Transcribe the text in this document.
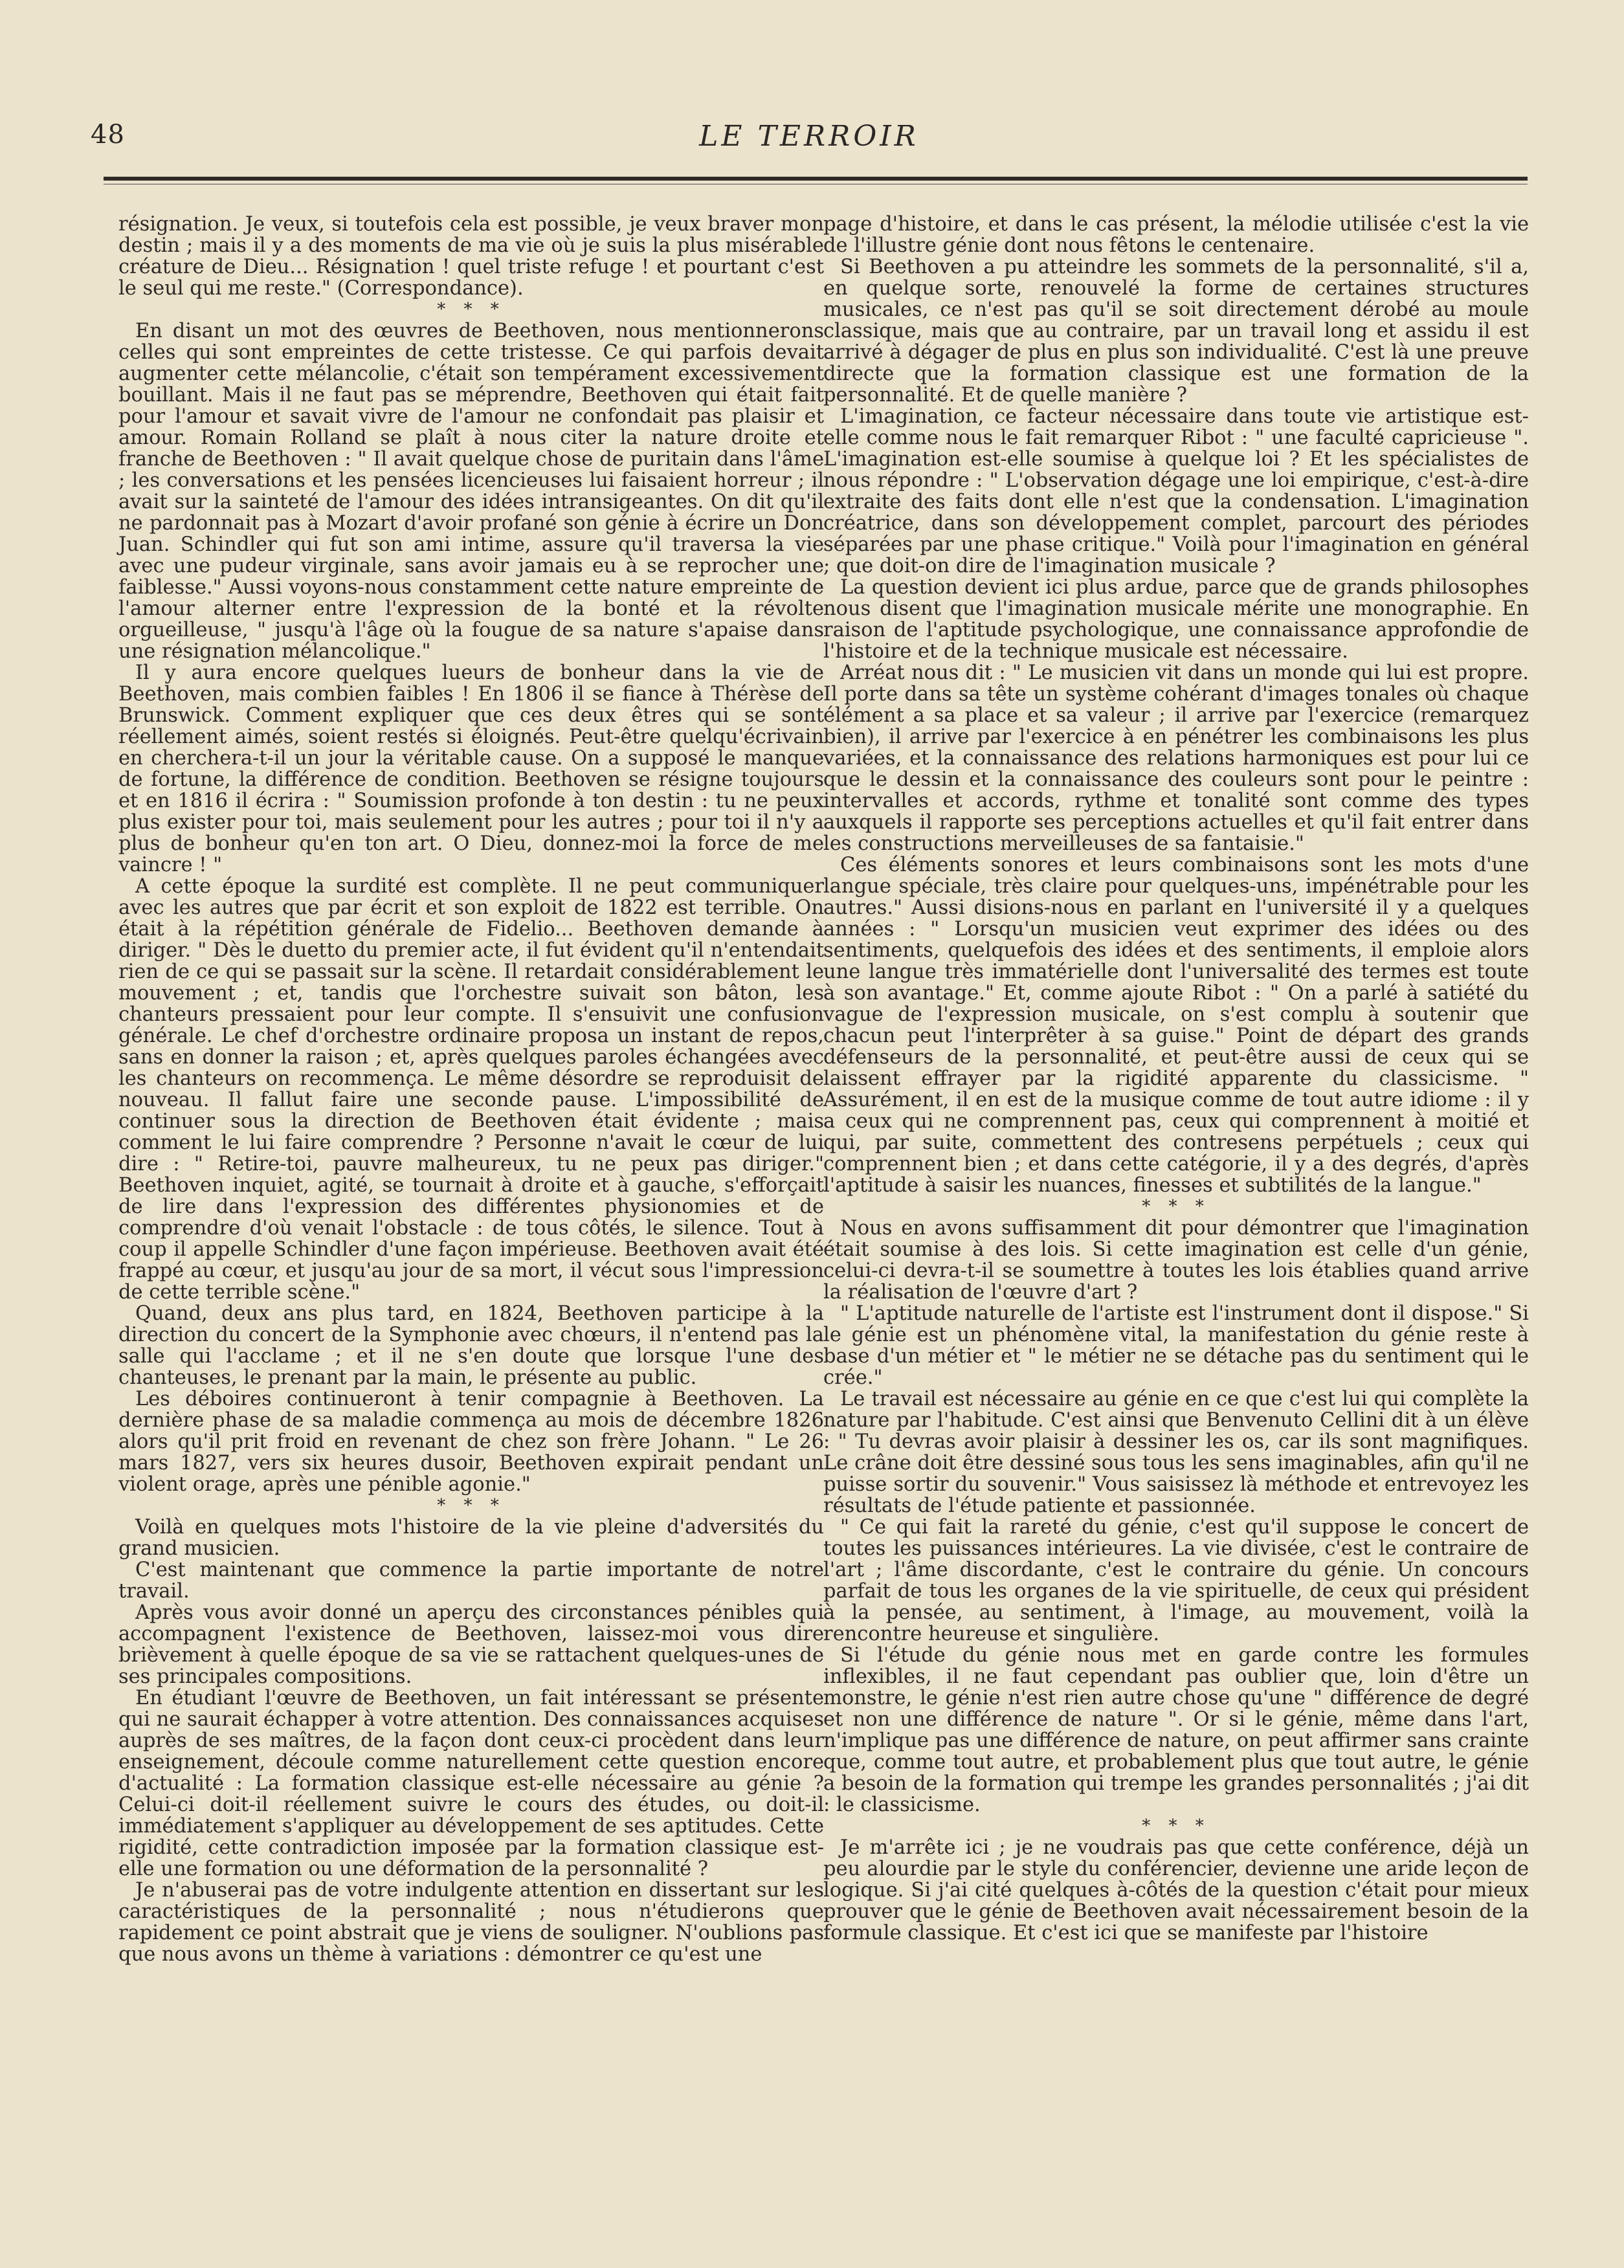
48	LE TERROIR

résignation. Je veux, si toutefois cela est possible, je veux braver mon destin ; mais il y a des moments de ma vie où je suis la plus misérable créature de Dieu... Résignation ! quel triste refuge ! et pourtant c'est le seul qui me reste." (Correspondance).

* * *

En disant un mot des œuvres de Beethoven, nous mentionnerons celles qui sont empreintes de cette tristesse. Ce qui parfois devait augmenter cette mélancolie, c'était son tempérament excessivement bouillant. Mais il ne faut pas se méprendre, Beethoven qui était fait pour l'amour et savait vivre de l'amour ne confondait pas plaisir et amour. Romain Rolland se plaît à nous citer la nature droite et franche de Beethoven : " Il avait quelque chose de puritain dans l'âme ; les conversations et les pensées licencieuses lui faisaient horreur ; il avait sur la sainteté de l'amour des idées intransigeantes. On dit qu'il ne pardonnait pas à Mozart d'avoir profané son génie à écrire un Don Juan. Schindler qui fut son ami intime, assure qu'il traversa la vie avec une pudeur virginale, sans avoir jamais eu à se reprocher une faiblesse." Aussi voyons-nous constamment cette nature empreinte de l'amour alterner entre l'expression de la bonté et la révolte orgueilleuse, " jusqu'à l'âge où la fougue de sa nature s'apaise dans une résignation mélancolique."

Il y aura encore quelques lueurs de bonheur dans la vie de Beethoven, mais combien faibles ! En 1806 il se fiance à Thérèse de Brunswick. Comment expliquer que ces deux êtres qui se sont réellement aimés, soient restés si éloignés. Peut-être quelqu'écrivain en cherchera-t-il un jour la véritable cause. On a supposé le manque de fortune, la différence de condition. Beethoven se résigne toujours et en 1816 il écrira : " Soumission profonde à ton destin : tu ne peux plus exister pour toi, mais seulement pour les autres ; pour toi il n'y a plus de bonheur qu'en ton art. O Dieu, donnez-moi la force de me vaincre ! "

A cette époque la surdité est complète. Il ne peut communiquer avec les autres que par écrit et son exploit de 1822 est terrible. On était à la répétition générale de Fidelio... Beethoven demande à diriger. " Dès le duetto du premier acte, il fut évident qu'il n'entendait rien de ce qui se passait sur la scène. Il retardait considérablement le mouvement ; et, tandis que l'orchestre suivait son bâton, les chanteurs pressaient pour leur compte. Il s'ensuivit une confusion générale. Le chef d'orchestre ordinaire proposa un instant de repos, sans en donner la raison ; et, après quelques paroles échangées avec les chanteurs on recommença. Le même désordre se reproduisit de nouveau. Il fallut faire une seconde pause. L'impossibilité de continuer sous la direction de Beethoven était évidente ; mais comment le lui faire comprendre ? Personne n'avait le cœur de lui dire : " Retire-toi, pauvre malheureux, tu ne peux pas diriger." Beethoven inquiet, agité, se tournait à droite et à gauche, s'efforçait de lire dans l'expression des différentes physionomies et de comprendre d'où venait l'obstacle : de tous côtés, le silence. Tout à coup il appelle Schindler d'une façon impérieuse. Beethoven avait été frappé au cœur, et jusqu'au jour de sa mort, il vécut sous l'impression de cette terrible scène."

Quand, deux ans plus tard, en 1824, Beethoven participe à la direction du concert de la Symphonie avec chœurs, il n'entend pas la salle qui l'acclame ; et il ne s'en doute que lorsque l'une des chanteuses, le prenant par la main, le présente au public.

Les déboires continueront à tenir compagnie à Beethoven. La dernière phase de sa maladie commença au mois de décembre 1826 alors qu'il prit froid en revenant de chez son frère Johann. " Le 26 mars 1827, vers six heures dusoir, Beethoven expirait pendant un violent orage, après une pénible agonie."

* * *

Voilà en quelques mots l'histoire de la vie pleine d'adversités du grand musicien.

C'est maintenant que commence la partie importante de notre travail.

Après vous avoir donné un aperçu des circonstances pénibles qui accompagnent l'existence de Beethoven, laissez-moi vous dire brièvement à quelle époque de sa vie se rattachent quelques-unes de ses principales compositions.

En étudiant l'œuvre de Beethoven, un fait intéressant se présente qui ne saurait échapper à votre attention. Des connaissances acquises auprès de ses maîtres, de la façon dont ceux-ci procèdent dans leur enseignement, découle comme naturellement cette question encore d'actualité : La formation classique est-elle nécessaire au génie ? Celui-ci doit-il réellement suivre le cours des études, ou doit-il immédiatement s'appliquer au développement de ses aptitudes. Cette rigidité, cette contradiction imposée par la formation classique est-elle une formation ou une déformation de la personnalité ?

Je n'abuserai pas de votre indulgente attention en dissertant sur les caractéristiques de la personnalité ; nous n'étudierons que rapidement ce point abstrait que je viens de souligner. N'oublions pas que nous avons un thème à variations : démontrer ce qu'est une

page d'histoire, et dans le cas présent, la mélodie utilisée c'est la vie de l'illustre génie dont nous fêtons le centenaire.

Si Beethoven a pu atteindre les sommets de la personnalité, s'il a, en quelque sorte, renouvelé la forme de certaines structures musicales, ce n'est pas qu'il se soit directement dérobé au moule classique, mais que au contraire, par un travail long et assidu il est arrivé à dégager de plus en plus son individualité. C'est là une preuve directe que la formation classique est une formation de la personnalité. Et de quelle manière ?

L'imagination, ce facteur nécessaire dans toute vie artistique est-elle comme nous le fait remarquer Ribot : " une faculté capricieuse ". L'imagination est-elle soumise à quelque loi ? Et les spécialistes de nous répondre : " L'observation dégage une loi empirique, c'est-à-dire extraite des faits dont elle n'est que la condensation. L'imagination créatrice, dans son développement complet, parcourt des périodes séparées par une phase critique." Voilà pour l'imagination en général ; que doit-on dire de l'imagination musicale ?

La question devient ici plus ardue, parce que de grands philosophes nous disent que l'imagination musicale mérite une monographie. En raison de l'aptitude psychologique, une connaissance approfondie de l'histoire et de la technique musicale est nécessaire.

Arréat nous dit : " Le musicien vit dans un monde qui lui est propre. Il porte dans sa tête un système cohérant d'images tonales où chaque élément a sa place et sa valeur ; il arrive par l'exercice (remarquez bien), il arrive par l'exercice à en pénétrer les combinaisons les plus variées, et la connaissance des relations harmoniques est pour lui ce que le dessin et la connaissance des couleurs sont pour le peintre : intervalles et accords, rythme et tonalité sont comme des types auxquels il rapporte ses perceptions actuelles et qu'il fait entrer dans les constructions merveilleuses de sa fantaisie."

Ces éléments sonores et leurs combinaisons sont les mots d'une langue spéciale, très claire pour quelques-uns, impénétrable pour les autres." Aussi disions-nous en parlant en l'université il y a quelques années : " Lorsqu'un musicien veut exprimer des idées ou des sentiments, quelquefois des idées et des sentiments, il emploie alors une langue très immatérielle dont l'universalité des termes est toute à son avantage." Et, comme ajoute Ribot : " On a parlé à satiété du vague de l'expression musicale, on s'est complu à soutenir que chacun peut l'interprêter à sa guise." Point de départ des grands défenseurs de la personnalité, et peut-être aussi de ceux qui se laissent effrayer par la rigidité apparente du classicisme. " Assurément, il en est de la musique comme de tout autre idiome : il y a ceux qui ne comprennent pas, ceux qui comprennent à moitié et qui, par suite, commettent des contresens perpétuels ; ceux qui comprennent bien ; et dans cette catégorie, il y a des degrés, d'après l'aptitude à saisir les nuances, finesses et subtilités de la langue."

* * *

Nous en avons suffisamment dit pour démontrer que l'imagination était soumise à des lois. Si cette imagination est celle d'un génie, celui-ci devra-t-il se soumettre à toutes les lois établies quand arrive la réalisation de l'œuvre d'art ?

" L'aptitude naturelle de l'artiste est l'instrument dont il dispose." Si le génie est un phénomène vital, la manifestation du génie reste à base d'un métier et " le métier ne se détache pas du sentiment qui le crée."

Le travail est nécessaire au génie en ce que c'est lui qui complète la nature par l'habitude. C'est ainsi que Benvenuto Cellini dit à un élève : " Tu devras avoir plaisir à dessiner les os, car ils sont magnifiques. Le crâne doit être dessiné sous tous les sens imaginables, afin qu'il ne puisse sortir du souvenir." Vous saisissez là méthode et entrevoyez les résultats de l'étude patiente et passionnée.

" Ce qui fait la rareté du génie, c'est qu'il suppose le concert de toutes les puissances intérieures. La vie divisée, c'est le contraire de l'art ; l'âme discordante, c'est le contraire du génie. Un concours parfait de tous les organes de la vie spirituelle, de ceux qui président à la pensée, au sentiment, à l'image, au mouvement, voilà la rencontre heureuse et singulière.

Si l'étude du génie nous met en garde contre les formules inflexibles, il ne faut cependant pas oublier que, loin d'être un monstre, le génie n'est rien autre chose qu'une " différence de degré et non une différence de nature ". Or si le génie, même dans l'art, n'implique pas une différence de nature, on peut affirmer sans crainte que, comme tout autre, et probablement plus que tout autre, le génie a besoin de la formation qui trempe les grandes personnalités ; j'ai dit : le classicisme.

* * *

Je m'arrête ici ; je ne voudrais pas que cette conférence, déjà un peu alourdie par le style du conférencier, devienne une aride leçon de logique. Si j'ai cité quelques à-côtés de la question c'était pour mieux prouver que le génie de Beethoven avait nécessairement besoin de la formule classique. Et c'est ici que se manifeste par l'histoire
